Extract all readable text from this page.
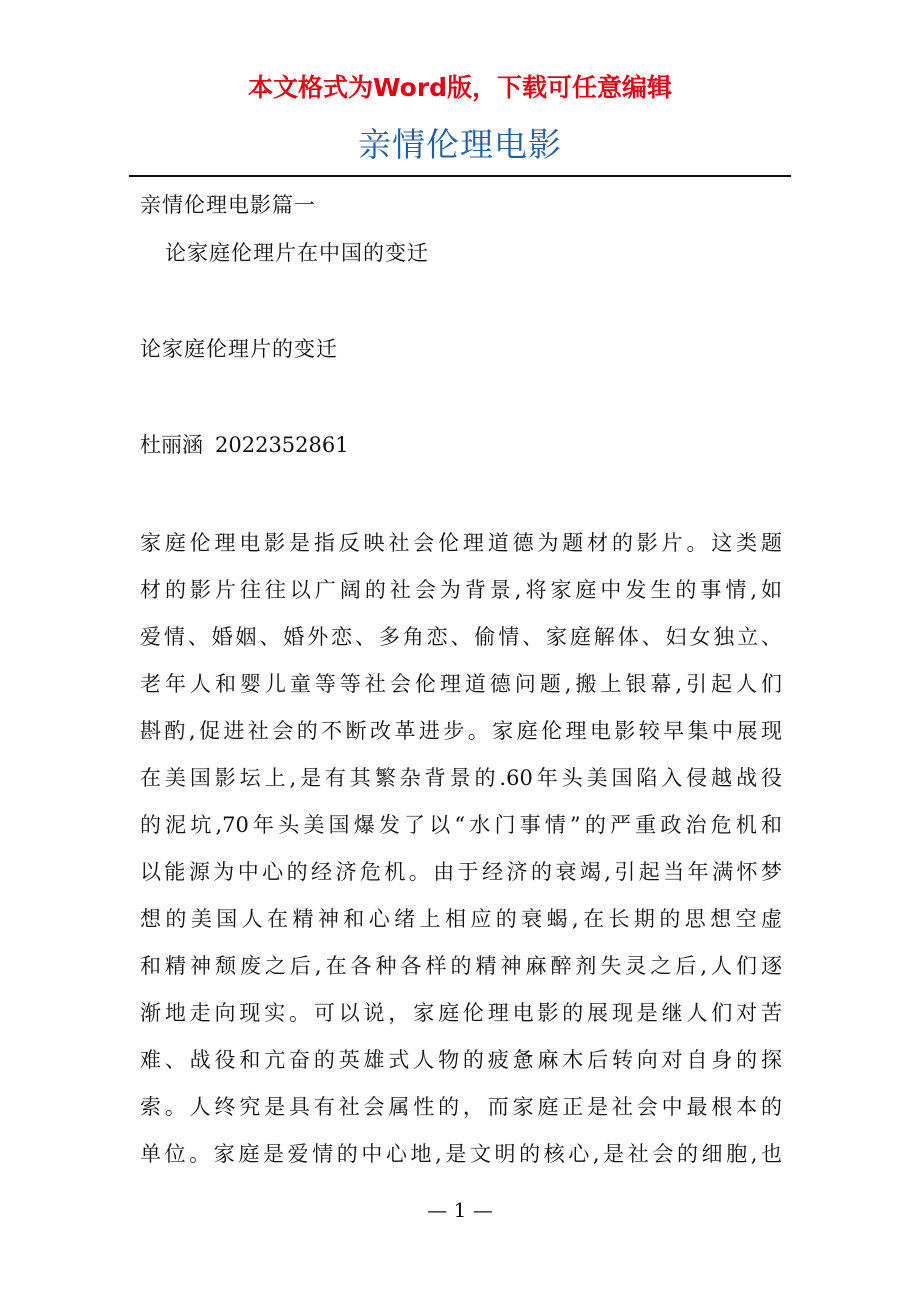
本文格式为Word版，下载可任意编辑
亲情伦理电影
亲情伦理电影篇一
论家庭伦理片在中国的变迁
论家庭伦理片的变迁
杜丽涵 2022352861
家庭伦理电影是指反映社会伦理道德为题材的影片。这类题
材的影片往往以广阔的社会为背景,将家庭中发生的事情,如
爱情、婚姻、婚外恋、多角恋、偷情、家庭解体、妇女独立、
老年人和婴儿童等等社会伦理道德问题,搬上银幕,引起人们
斟酌,促进社会的不断改革进步。家庭伦理电影较早集中展现
在美国影坛上,是有其繁杂背景的.60年头美国陷入侵越战役
的泥坑,70年头美国爆发了以“水门事情”的严重政治危机和
以能源为中心的经济危机。由于经济的衰竭,引起当年满怀梦
想的美国人在精神和心绪上相应的衰蝎,在长期的思想空虚
和精神颓废之后,在各种各样的精神麻醉剂失灵之后,人们逐
渐地走向现实。可以说，家庭伦理电影的展现是继人们对苦
难、战役和亢奋的英雄式人物的疲惫麻木后转向对自身的探
索。人终究是具有社会属性的，而家庭正是社会中最根本的
单位。家庭是爱情的中心地,是文明的核心,是社会的细胞,也
— 1 —
